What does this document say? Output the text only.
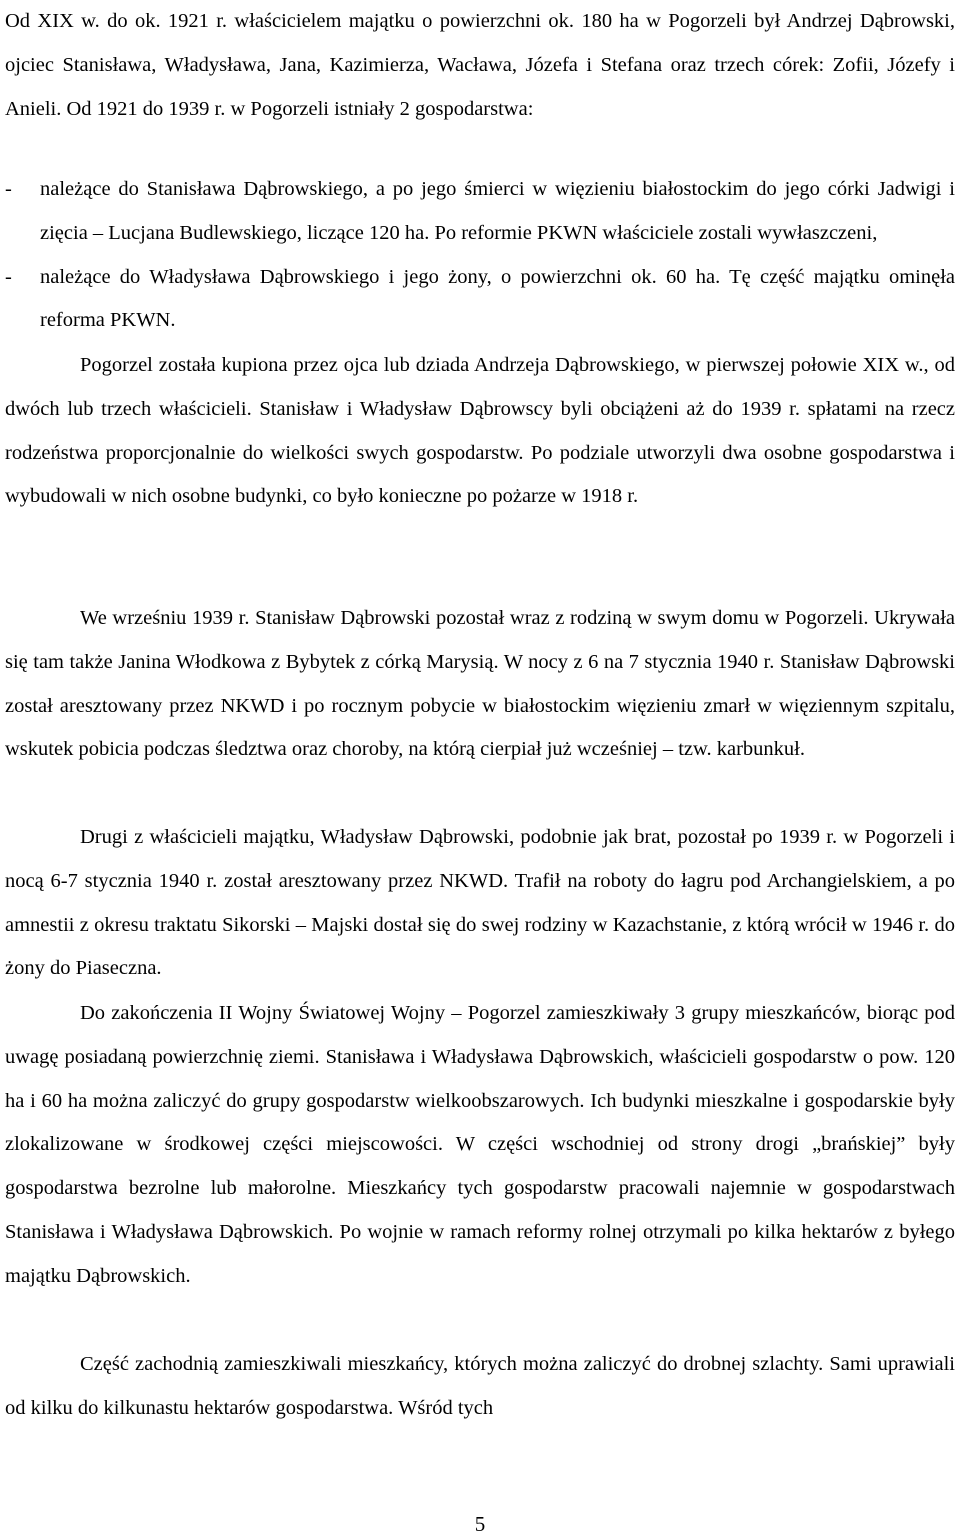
Od XIX w. do ok. 1921 r. właścicielem majątku o powierzchni ok. 180 ha w Pogorzeli był Andrzej Dąbrowski, ojciec Stanisława, Władysława, Jana, Kazimierza, Wacława, Józefa i Stefana oraz trzech córek: Zofii, Józefy i Anieli. Od 1921 do 1939 r. w Pogorzeli istniały 2 gospodarstwa:

-	należące do Stanisława Dąbrowskiego, a po jego śmierci w więzieniu białostockim do jego córki Jadwigi i zięcia – Lucjana Budlewskiego, liczące 120 ha. Po reformie PKWN właściciele zostali wywłaszczeni,
-	należące do Władysława Dąbrowskiego i jego żony, o powierzchni ok. 60 ha. Tę część majątku ominęła reforma PKWN.

Pogorzel została kupiona przez ojca lub dziada Andrzeja Dąbrowskiego, w pierwszej połowie XIX w., od dwóch lub trzech właścicieli. Stanisław i Władysław Dąbrowscy byli obciążeni aż do 1939 r. spłatami na rzecz rodzeństwa proporcjonalnie do wielkości swych gospodarstw. Po podziale utworzyli dwa osobne gospodarstwa i wybudowali w nich osobne budynki, co było konieczne po pożarze w 1918 r.

We wrześniu 1939 r. Stanisław Dąbrowski pozostał wraz z rodziną w swym domu w Pogorzeli. Ukrywała się tam także Janina Włodkowa z Bybytek z córką Marysią. W nocy z 6 na 7 stycznia 1940 r. Stanisław Dąbrowski został aresztowany przez NKWD i po rocznym pobycie w białostockim więzieniu zmarł w więziennym szpitalu, wskutek pobicia podczas śledztwa oraz choroby, na którą cierpiał już wcześniej – tzw. karbunkuł.

Drugi z właścicieli majątku, Władysław Dąbrowski, podobnie jak brat, pozostał po 1939 r. w Pogorzeli i nocą 6-7 stycznia 1940 r. został aresztowany przez NKWD. Trafił na roboty do łagru pod Archangielskiem, a po amnestii z okresu traktatu Sikorski – Majski dostał się do swej rodziny w Kazachstanie, z którą wrócił w 1946 r. do żony do Piaseczna.

Do zakończenia II Wojny Światowej Wojny – Pogorzel zamieszkiwały 3 grupy mieszkańców, biorąc pod uwagę posiadaną powierzchnię ziemi. Stanisława i Władysława Dąbrowskich, właścicieli gospodarstw o pow. 120 ha i 60 ha można zaliczyć do grupy gospodarstw wielkoobszarowych. Ich budynki mieszkalne i gospodarskie były zlokalizowane w środkowej części miejscowości. W części wschodniej od strony drogi „brańskiej” były gospodarstwa bezrolne lub małorolne. Mieszkańcy tych gospodarstw pracowali najemnie w gospodarstwach Stanisława i Władysława Dąbrowskich. Po wojnie w ramach reformy rolnej otrzymali po kilka hektarów z byłego majątku Dąbrowskich.

Część zachodnią zamieszkiwali mieszkańcy, których można zaliczyć do drobnej szlachty. Sami uprawiali od kilku do kilkunastu hektarów gospodarstwa. Wśród tych

5
